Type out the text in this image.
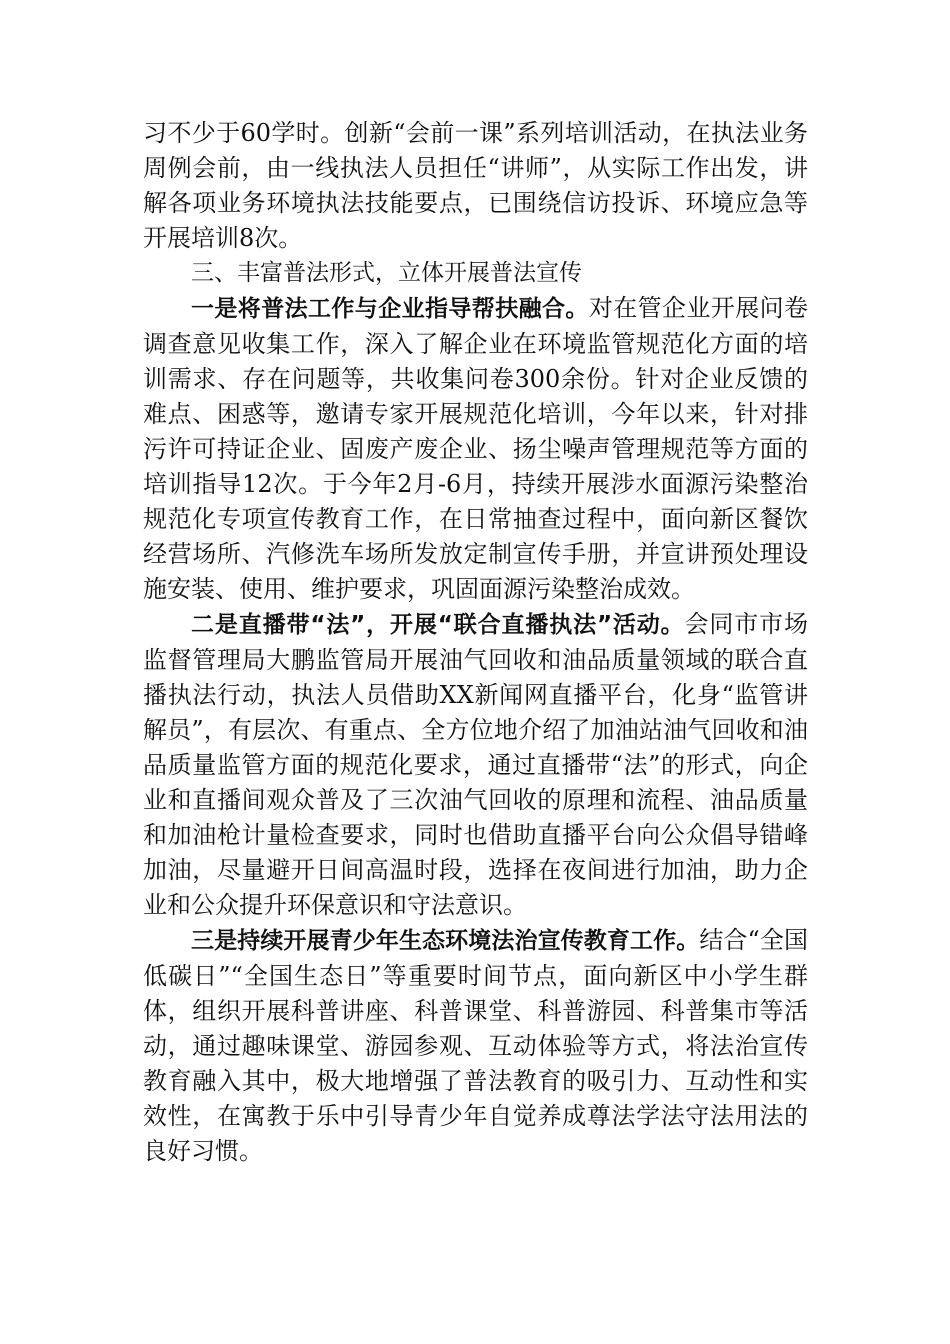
习不少于60学时。创新“会前一课”系列培训活动，在执法业务周例会前，由一线执法人员担任“讲师”，从实际工作出发，讲解各项业务环境执法技能要点，已围绕信访投诉、环境应急等开展培训8次。

三、丰富普法形式，立体开展普法宣传

一是将普法工作与企业指导帮扶融合。对在管企业开展问卷调查意见收集工作，深入了解企业在环境监管规范化方面的培训需求、存在问题等，共收集问卷300余份。针对企业反馈的难点、困惑等，邀请专家开展规范化培训，今年以来，针对排污许可持证企业、固废产废企业、扬尘噪声管理规范等方面的培训指导12次。于今年2月-6月，持续开展涉水面源污染整治规范化专项宣传教育工作，在日常抽查过程中，面向新区餐饮经营场所、汽修洗车场所发放定制宣传手册，并宣讲预处理设施安装、使用、维护要求，巩固面源污染整治成效。

二是直播带“法”，开展“联合直播执法”活动。会同市市场监督管理局大鹏监管局开展油气回收和油品质量领域的联合直播执法行动，执法人员借助XX新闻网直播平台，化身“监管讲解员”，有层次、有重点、全方位地介绍了加油站油气回收和油品质量监管方面的规范化要求，通过直播带“法”的形式，向企业和直播间观众普及了三次油气回收的原理和流程、油品质量和加油枪计量检查要求，同时也借助直播平台向公众倡导错峰加油，尽量避开日间高温时段，选择在夜间进行加油，助力企业和公众提升环保意识和守法意识。

三是持续开展青少年生态环境法治宣传教育工作。结合“全国低碳日”“全国生态日”等重要时间节点，面向新区中小学生群体，组织开展科普讲座、科普课堂、科普游园、科普集市等活动，通过趣味课堂、游园参观、互动体验等方式，将法治宣传教育融入其中，极大地增强了普法教育的吸引力、互动性和实效性，在寓教于乐中引导青少年自觉养成尊法学法守法用法的良好习惯。
